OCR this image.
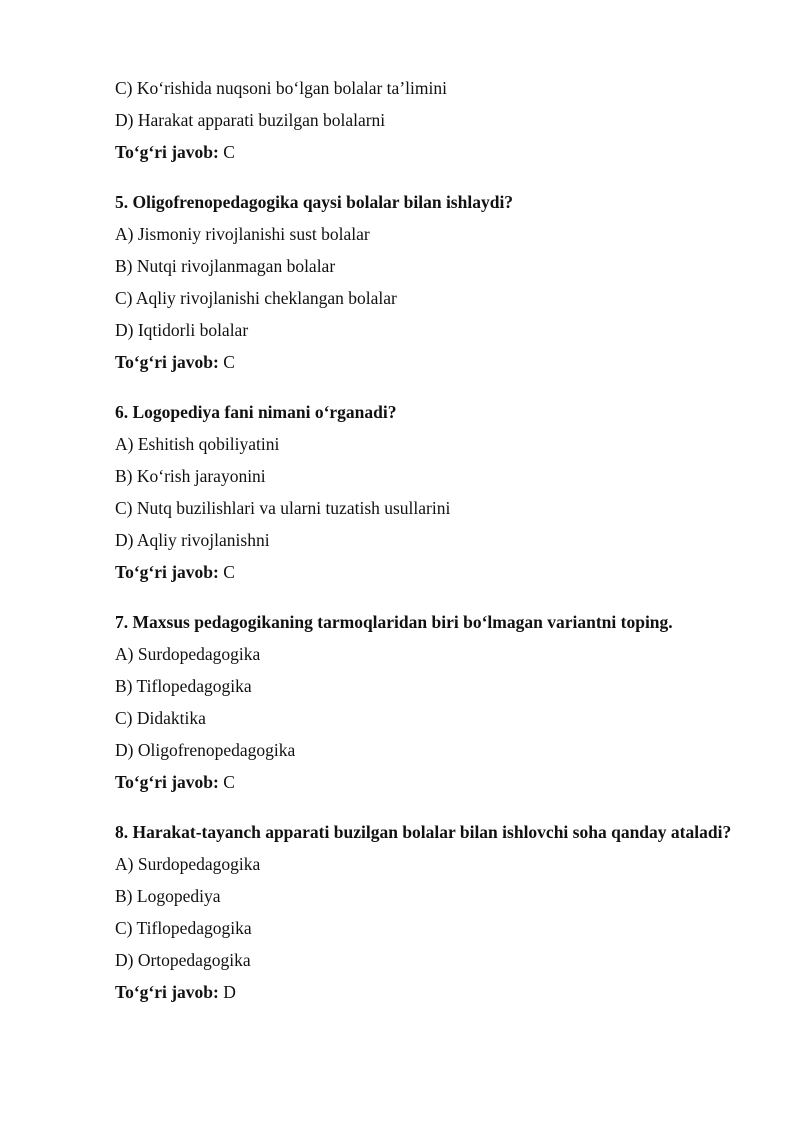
C) Ko‘rishida nuqsoni bo‘lgan bolalar ta’limini

D) Harakat apparati buzilgan bolalarni

To‘g‘ri javob: C

5. Oligofrenopedagogika qaysi bolalar bilan ishlaydi?

A) Jismoniy rivojlanishi sust bolalar

B) Nutqi rivojlanmagan bolalar

C) Aqliy rivojlanishi cheklangan bolalar

D) Iqtidorli bolalar

To‘g‘ri javob: C

6. Logopediya fani nimani o‘rganadi?

A) Eshitish qobiliyatini

B) Ko‘rish jarayonini

C) Nutq buzilishlari va ularni tuzatish usullarini

D) Aqliy rivojlanishni

To‘g‘ri javob: C

7. Maxsus pedagogikaning tarmoqlaridan biri bo‘lmagan variantni toping.

A) Surdopedagogika

B) Tiflopedagogika

C) Didaktika

D) Oligofrenopedagogika

To‘g‘ri javob: C

8. Harakat-tayanch apparati buzilgan bolalar bilan ishlovchi soha qanday ataladi?

A) Surdopedagogika

B) Logopediya

C) Tiflopedagogika

D) Ortopedagogika

To‘g‘ri javob: D
